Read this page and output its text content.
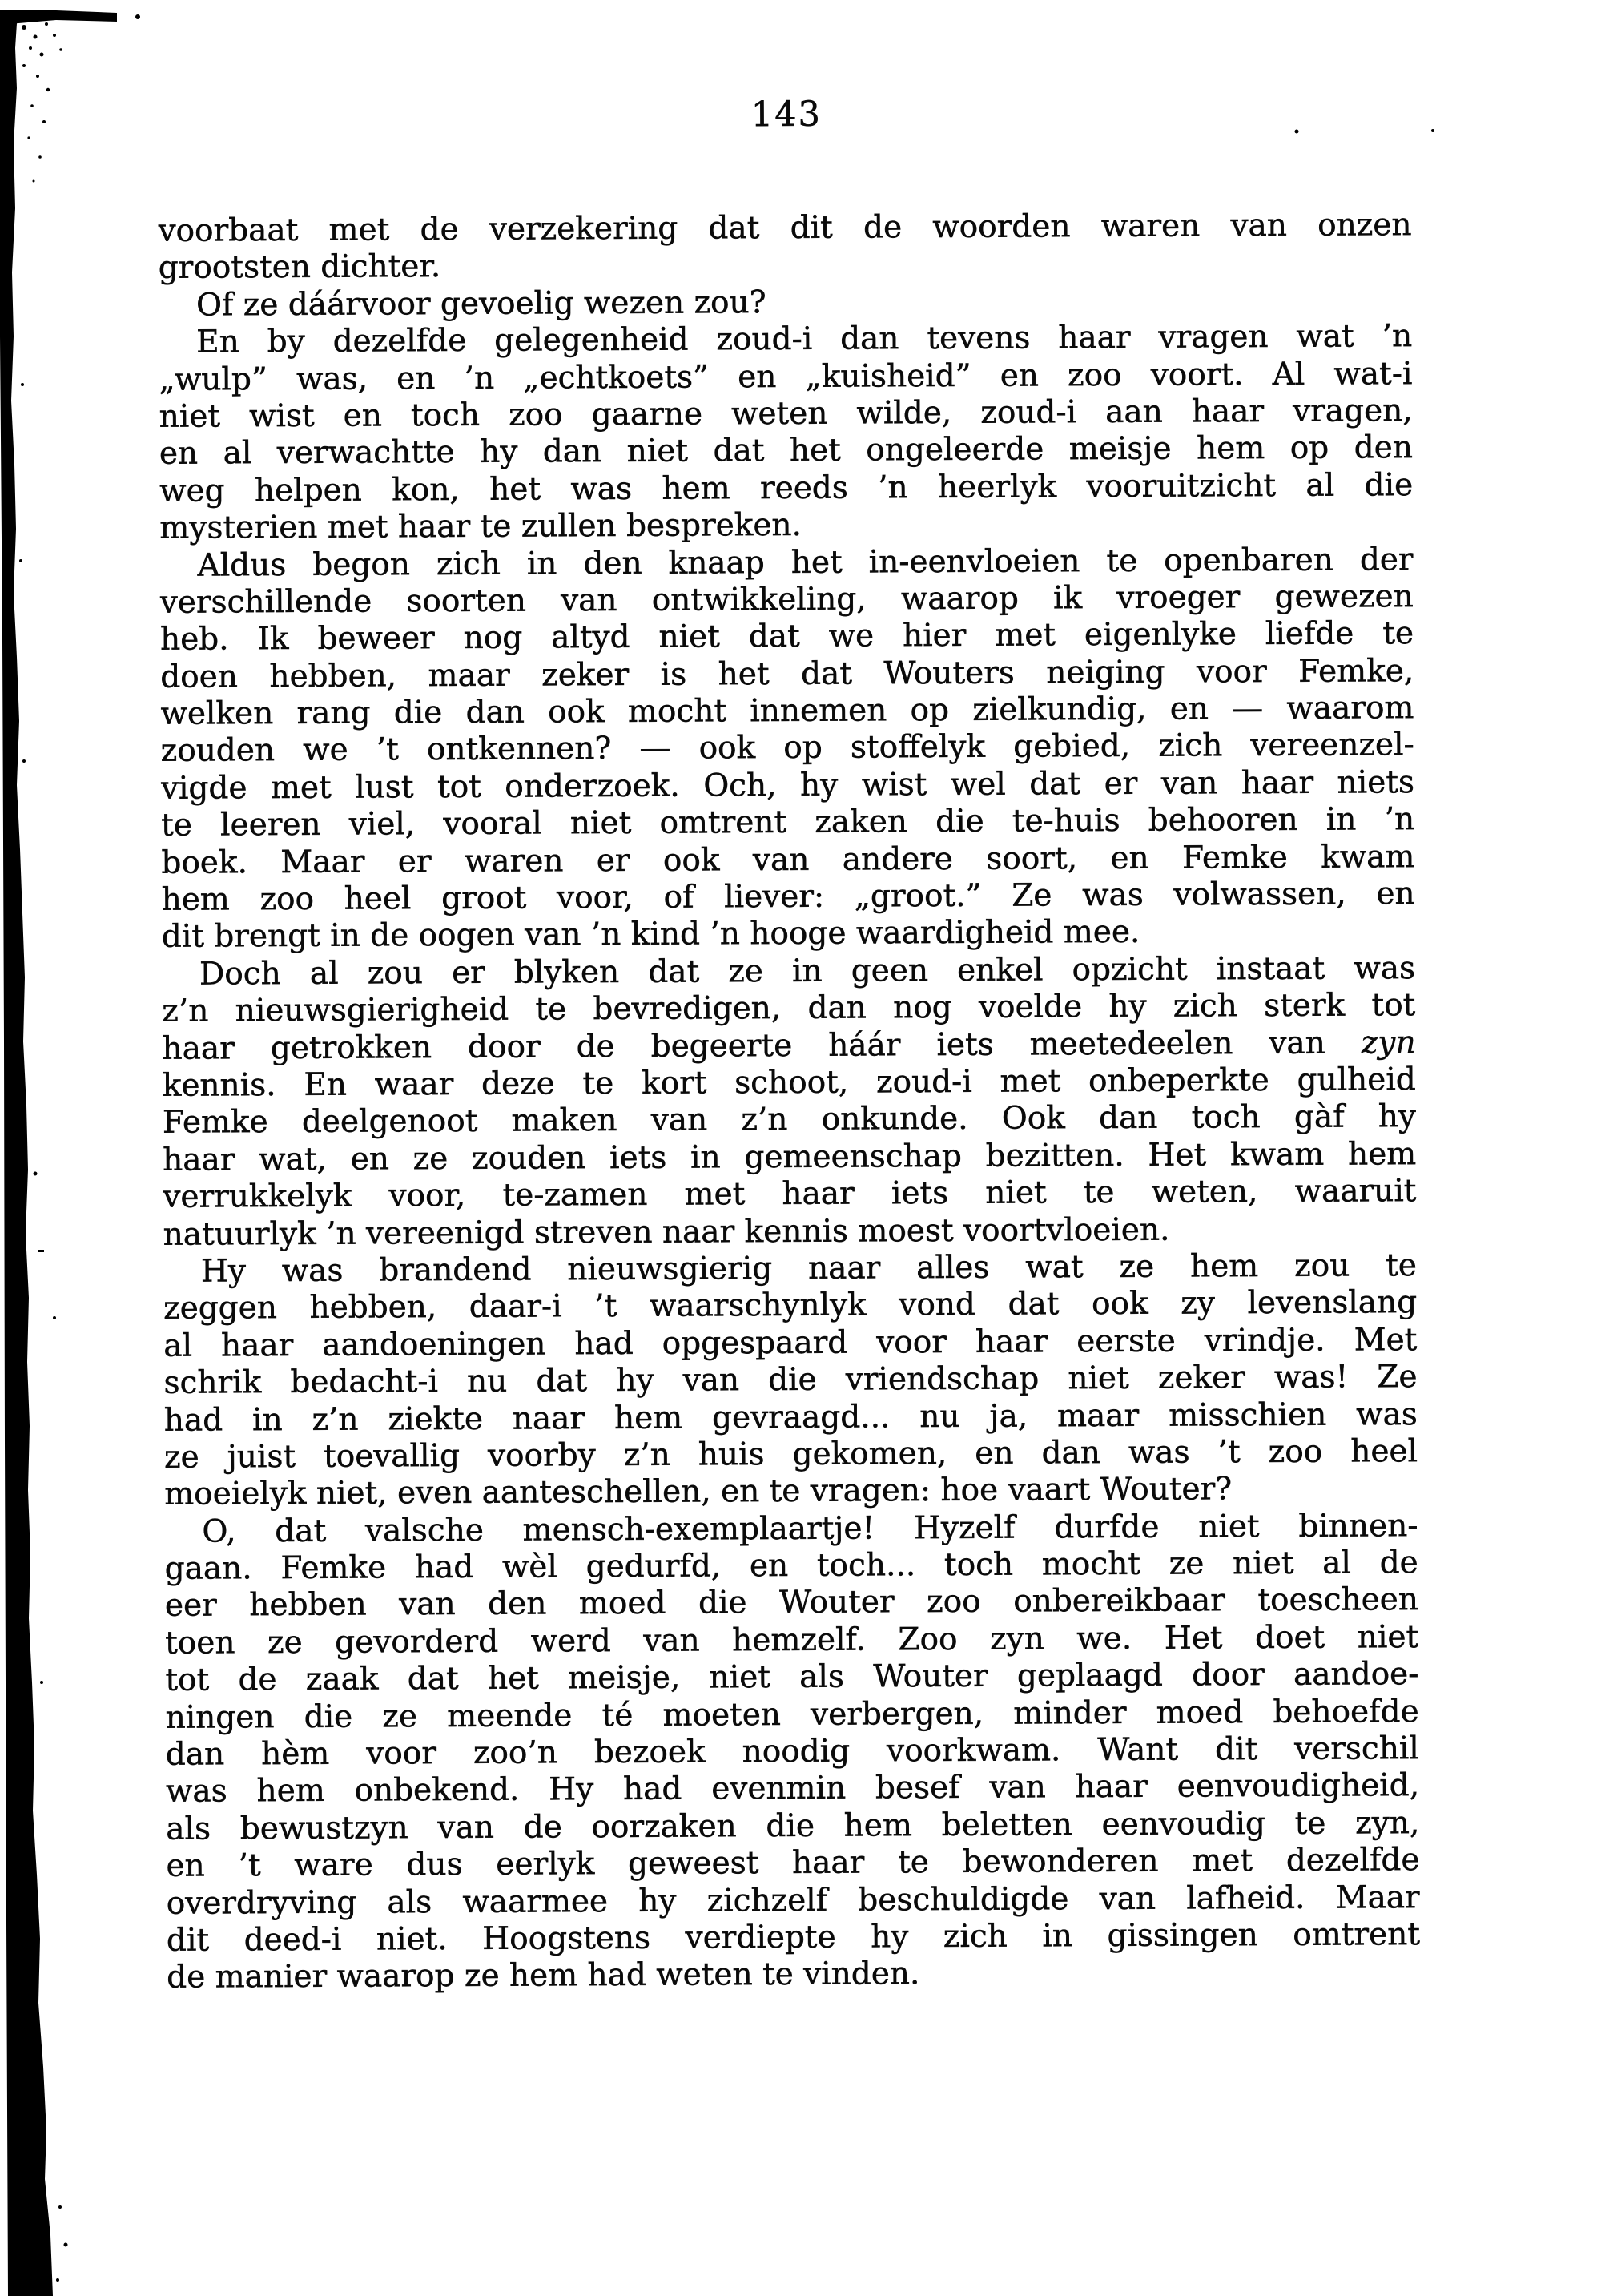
143
voorbaat met de verzekering dat dit de woorden waren van onzen
grootsten dichter.
Of ze dáárvoor gevoelig wezen zou?
En by dezelfde gelegenheid zoud-i dan tevens haar vragen wat ’n
„wulp” was, en ’n „echtkoets” en „kuisheid” en zoo voort. Al wat-i
niet wist en toch zoo gaarne weten wilde, zoud-i aan haar vragen,
en al verwachtte hy dan niet dat het ongeleerde meisje hem op den
weg helpen kon, het was hem reeds ’n heerlyk vooruitzicht al die
mysterien met haar te zullen bespreken.
Aldus begon zich in den knaap het in-eenvloeien te openbaren der
verschillende soorten van ontwikkeling, waarop ik vroeger gewezen
heb. Ik beweer nog altyd niet dat we hier met eigenlyke liefde te
doen hebben, maar zeker is het dat Wouters neiging voor Femke,
welken rang die dan ook mocht innemen op zielkundig, en — waarom
zouden we ’t ontkennen? — ook op stoffelyk gebied, zich vereenzel-
vigde met lust tot onderzoek. Och, hy wist wel dat er van haar niets
te leeren viel, vooral niet omtrent zaken die te-huis behooren in ’n
boek. Maar er waren er ook van andere soort, en Femke kwam
hem zoo heel groot voor, of liever: „groot.” Ze was volwassen, en
dit brengt in de oogen van ’n kind ’n hooge waardigheid mee.
Doch al zou er blyken dat ze in geen enkel opzicht instaat was
z’n nieuwsgierigheid te bevredigen, dan nog voelde hy zich sterk tot
haar getrokken door de begeerte háár iets meetedeelen van zyn
kennis. En waar deze te kort schoot, zoud-i met onbeperkte gulheid
Femke deelgenoot maken van z’n onkunde. Ook dan toch gàf hy
haar wat, en ze zouden iets in gemeenschap bezitten. Het kwam hem
verrukkelyk voor, te-zamen met haar iets niet te weten, waaruit
natuurlyk ’n vereenigd streven naar kennis moest voortvloeien.
Hy was brandend nieuwsgierig naar alles wat ze hem zou te
zeggen hebben, daar-i ’t waarschynlyk vond dat ook zy levenslang
al haar aandoeningen had opgespaard voor haar eerste vrindje. Met
schrik bedacht-i nu dat hy van die vriendschap niet zeker was! Ze
had in z’n ziekte naar hem gevraagd... nu ja, maar misschien was
ze juist toevallig voorby z’n huis gekomen, en dan was ’t zoo heel
moeielyk niet, even aanteschellen, en te vragen: hoe vaart Wouter?
O, dat valsche mensch-exemplaartje! Hyzelf durfde niet binnen-
gaan. Femke had wèl gedurfd, en toch... toch mocht ze niet al de
eer hebben van den moed die Wouter zoo onbereikbaar toescheen
toen ze gevorderd werd van hemzelf. Zoo zyn we. Het doet niet
tot de zaak dat het meisje, niet als Wouter geplaagd door aandoe-
ningen die ze meende té moeten verbergen, minder moed behoefde
dan hèm voor zoo’n bezoek noodig voorkwam. Want dit verschil
was hem onbekend. Hy had evenmin besef van haar eenvoudigheid,
als bewustzyn van de oorzaken die hem beletten eenvoudig te zyn,
en ’t ware dus eerlyk geweest haar te bewonderen met dezelfde
overdryving als waarmee hy zichzelf beschuldigde van lafheid. Maar
dit deed-i niet. Hoogstens verdiepte hy zich in gissingen omtrent
de manier waarop ze hem had weten te vinden.
